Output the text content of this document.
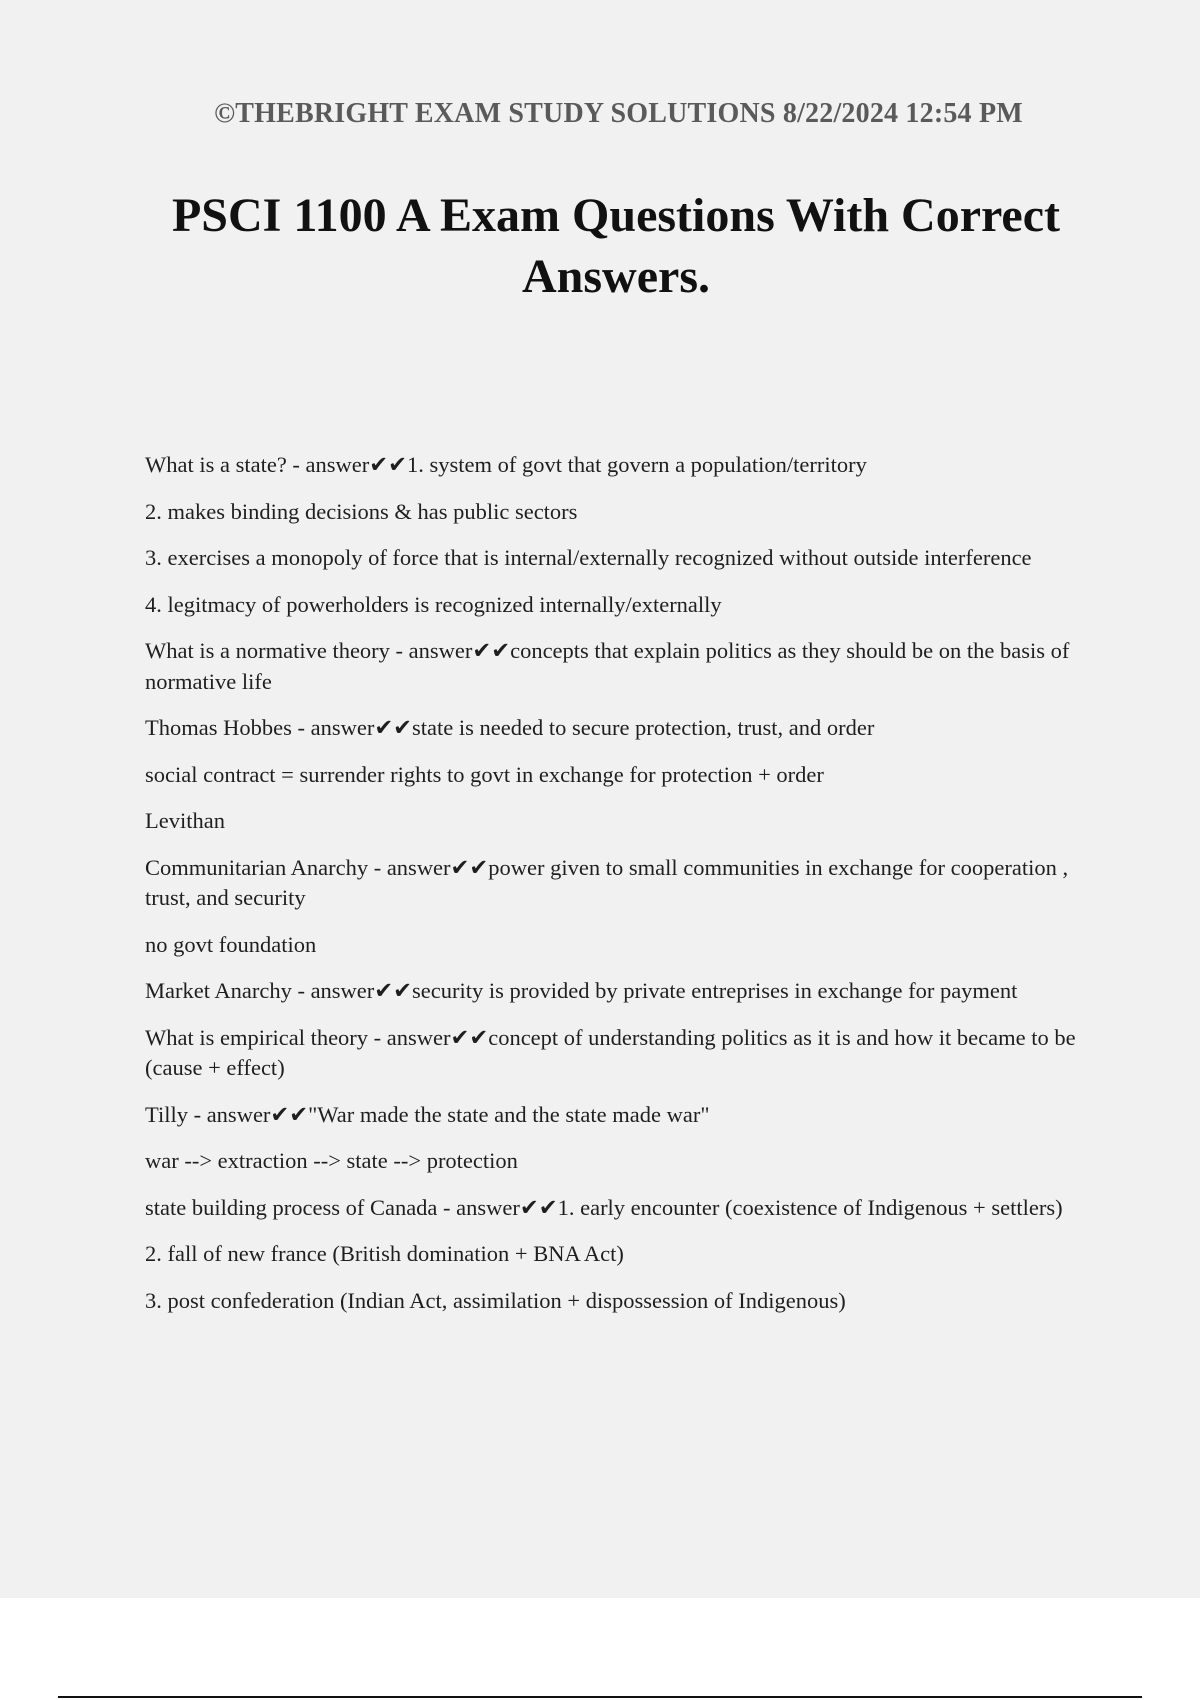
©THEBRIGHT EXAM STUDY SOLUTIONS 8/22/2024 12:54 PM
PSCI 1100 A Exam Questions With Correct Answers.

What is a state? - answer✔✔1. system of govt that govern a population/territory

2. makes binding decisions & has public sectors

3. exercises a monopoly of force that is internal/externally recognized without outside interference

4. legitmacy of powerholders is recognized internally/externally

What is a normative theory - answer✔✔concepts that explain politics as they should be on the basis of normative life

Thomas Hobbes - answer✔✔state is needed to secure protection, trust, and order

social contract = surrender rights to govt in exchange for protection + order

Levithan

Communitarian Anarchy - answer✔✔power given to small communities in exchange for cooperation , trust, and security

no govt foundation

Market Anarchy - answer✔✔security is provided by private entreprises in exchange for payment

What is empirical theory - answer✔✔concept of understanding politics as it is and how it became to be (cause + effect)

Tilly - answer✔✔"War made the state and the state made war"

war --> extraction --> state --> protection

state building process of Canada - answer✔✔1. early encounter (coexistence of Indigenous + settlers)

2. fall of new france (British domination + BNA Act)

3. post confederation (Indian Act, assimilation + dispossession of Indigenous)
